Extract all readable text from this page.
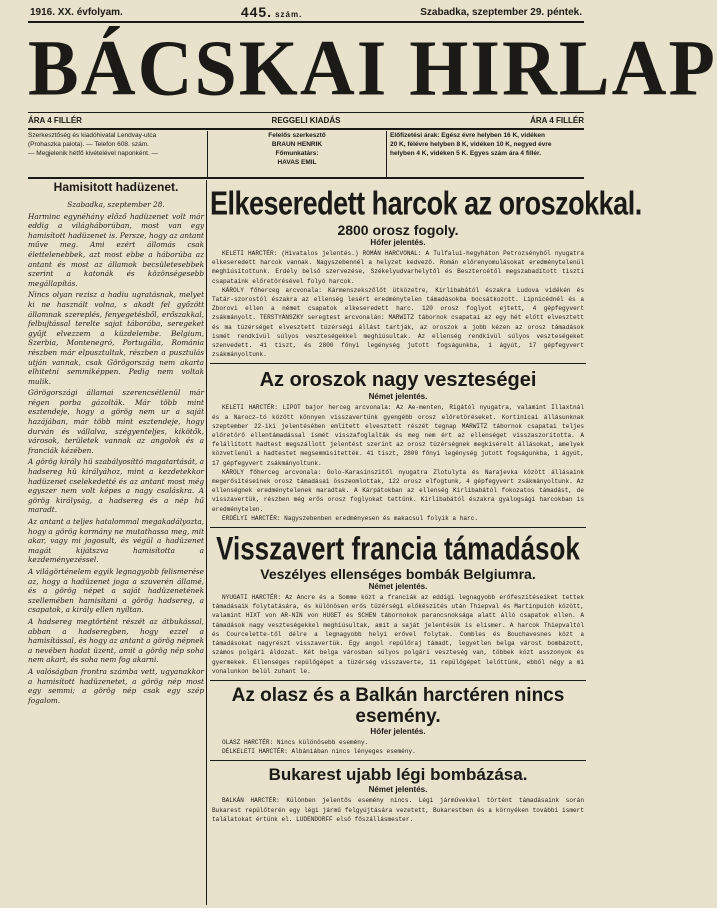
1916. XX. évfolyam.	445. szám.	Szabadka, szeptember 29. péntek.
BÁCSKAI HIRLAP
ÁRA 4 FILLÉR	REGGELI KIADÁS	ÁRA 4 FILLÉR
Szerkesztőség és kiadóhivatal Lendvay-utca
(Prohaszka palota). — Telefon 608. szám.
— Megjelenik hétfő kivételével naponként. —
Felelős szerkesztő
BRAUN HENRIK
Főmunkatárs:
HAVAS EMIL
Előfizetési árak: Egész évre helyben 16 K, vidéken
20 K, félévre helyben 8 K, vidéken 10 K, negyed évre
helyben 4 K, vidéken 5 K. Egyes szám ára 4 fillér.
Hamisitott hadüzenet.

Szabadka, szeptember 28.

Harminc egynéhány előző hadüzenet volt már eddig a világháborúban, most van egy hamisított hadüzenet is. Persze, hogy az antant műve meg. Ami ezért állomás csak élettelenebbek, azt most ebbe a háborúba az antant és most az államok becsületesebbek szerint a katonák és közönségesebb megállapítás.

Nincs olyan rezisz a hadiu ugratásnak, melyet ki ne használt volna, s akadt fel győzött államnak szereplés, fenyegetésből, erőszakkal, felbujtással terelte sajat táborába, seregeket gyűjt elvezzem a küzdelembe. Belgium, Szerbia, Montenegró, Portugália, Románia részben már elpusztultak, részben a pusztulás utján vannak, csak Görögország nem akarta elhitetni semmiképpen. Pedig nem voltak mulik.

Görögországi államai szerencsétlenül már régen porba gázolták. Már több mint esztendeje, hogy a görög nem ur a saját hazájában, már több mint esztendeje, hogy durván és vállalva, szégyenteljes, kikötők, városok, területek vannak az angolok és a franciák kézében.

A görög király hü szabályosíttó magatartását, a hadsereg hü királyához, mint a kezdetekkor hadüzenet cselekedetté és az antant most még egyszer nem volt képes a nagy csaláskra. A görög királyság, a hadsereg és a nép hű maradt.

Az antant a teljes hatalommal megakadályozta, hogy a görög kormány ne mutathassa meg, mit akar, vagy mi jogosult, és végül a hadüzenet magát kijátszva hamisította a kezdeményezéssel.

A világörténelem egyik legnagyobb felismerése az, hogy a hadüzenet joga a szuverén államé, és a görög népet a saját hadüzenetének szellemében hamisítani a görög hadsereg, a csapatok, a király ellen nyíltan.

A hadsereg megtörtént részét az átbukással, abban a hadseregben, hogy ezzel a hamisítással, és hogy az antant a görög népnek a nevében hadat üzent, amit a görög nép soha nem akart, és soha nem fog akarni.

A valóságban frontra számba vett, ugyanakkor a hamisított hadüzenetet, a görög nép most egy semmi; a görög nép csak egy szép fogalom.

Elkeseredett harcok az oroszokkal.
2800 orosz fogoly.
Hófer jelentés.

KELETI HARCTÉR: (Hivatalos jelentés.) ROMÁN HARCVONAL: A Tulfalui-hegyháton Petrozsényből nyugatra elkeseredett harcok vannak. Nagyszebennél a helyzet kedvező. Román előrenyomulásokat eredménytelenül meghiúsítottunk. Erdély belső szervezése, Székelyudvarhelytől és Besztercétől megszabadított tiszti csapataink előretörésével folyó harcok.

KÁROLY főherceg arcvonala: Kármenszekszőlőt ütközetre, Kirlibabától északra Ludova vidékén és Tatár-szorostól északra az ellenség lesért eredménytelen támadásokba bocsátkozott. Lipnicédnél és a Zborovi ellen a német csapatok elkeseredett harc. 120 orosz foglyot ejtett, 4 gépfegyvert zsákmányolt. TERSTYÁNSZKY seregtest arcvonalán: MARWITZ tábornok csapatai az egy hét előtt elvesztett és ma tüzérséget elvesztett tüzérségi állást tartják, az oroszok a jobb kézen az orosz támadások ismét rendkívül súlyos veszteségekkel meghiúsultak. Az ellenség rendkívül súlyos veszteségeket szenvedett. 41 tiszt, és 2800 főnyi legénység jutott fogságunkba, 1 ágyút, 17 gépfegyvert zsákmányoltunk.

Az oroszok nagy veszteségei
Német jelentés.

KELETI HARCTÉR: LIPOT bajor herceg arcvonala: Az Ae-menten, Rigától nyugatra, valamint Illaxtnál és a Narocz-tó között könnyen visszavertünk gyengébb orosz előretöréseket. Kortinicai állásunknak szeptember 22-iki jelentésében említett elvesztett részét tegnap MARWITZ tábornok csapatai teljes előretörő ellentámadással ismét visszafoglalták és meg nem ért az ellenséget visszaszorította. A felállított hadtest megszállott jelentést szerint az orosz tüzérségnek megkísérelt állásokat, amelyek közvetlenül a hadtestet megsemmisítették. 41 tiszt, 2800 főnyi legénység jutott fogságunkba, 1 ágyút, 17 gépfegyvert zsákmányoltunk.

KÁROLY főherceg arcvonala: Golo-Karasinszitől nyugatra Zlotulyta és Narajevka között állásaink megerősítéseinek orosz támadásai összeomlottak, 122 orosz elfogtunk, 4 gépfegyvert zsákmányoltunk. Az ellenségnek eredménytelenek maradtak. A Kárpátokban az ellenség Kirlibabától fokozatos támadást, de visszavertük, részben még erős orosz foglyokat tettünk. Kirlibabától északra gyalogsági harcokban is eredménytelen.

ERDÉLYI HARCTÉR: Nagyszebenben eredményesen és makacsul folyik a harc.

Visszavert francia támadások
Veszélyes ellenséges bombák Belgiumra.
Német jelentés.

NYUGATI HARCTÉR: Az Ancre és a Somme közt a franciák az eddigi legnagyobb erőfeszítéseiket tettek támadásaik folytatására, és különösen erős tüzérségi előkészítés után Thiepval és Martinpuich között, valamint HIXT von AR-NIN von HUGET és SCHEN tábornokok parancsnoksága alatt álló csapatok ellen. A támadások nagy veszteségekkel meghiúsultak, amit a saját jelentésük is elismer. A harcok Thiepvaltól és Courcelette-től délre a legnagyobb helyi erővel folytak. Combles és Bouchavesnes közt a támadásokat nagyrészt visszavertük. Egy angol repülőraj támadt, legyetlen belga várost bombázott, számos polgári áldozat. Két belga városban súlyos polgári veszteség van, többek közt asszonyok és gyermekek. Ellenséges repülőgépet a tüzérség visszaverte, 11 repülőgépet lelőttünk, ebből négy a mi vonalunkon belül zuhant le.

Az olasz és a Balkán harctéren nincs esemény.
Hófer jelentés.

OLASZ HARCTÉR: Nincs különösebb esemény.

DÉLKELETI HARCTÉR: Albániában nincs lényeges esemény.

Bukarest ujabb légi bombázása.
Német jelentés.

BALKÁN HARCTÉR: Különben jelentős esemény nincs. Légi járművekkel történt támadásaink során Bukarest repülőterén egy légi jármű felgyújtására vezetett, Bukarestben és a környéken további ismert találatokat értünk el. LUDENDORFF első főszállásmester.
